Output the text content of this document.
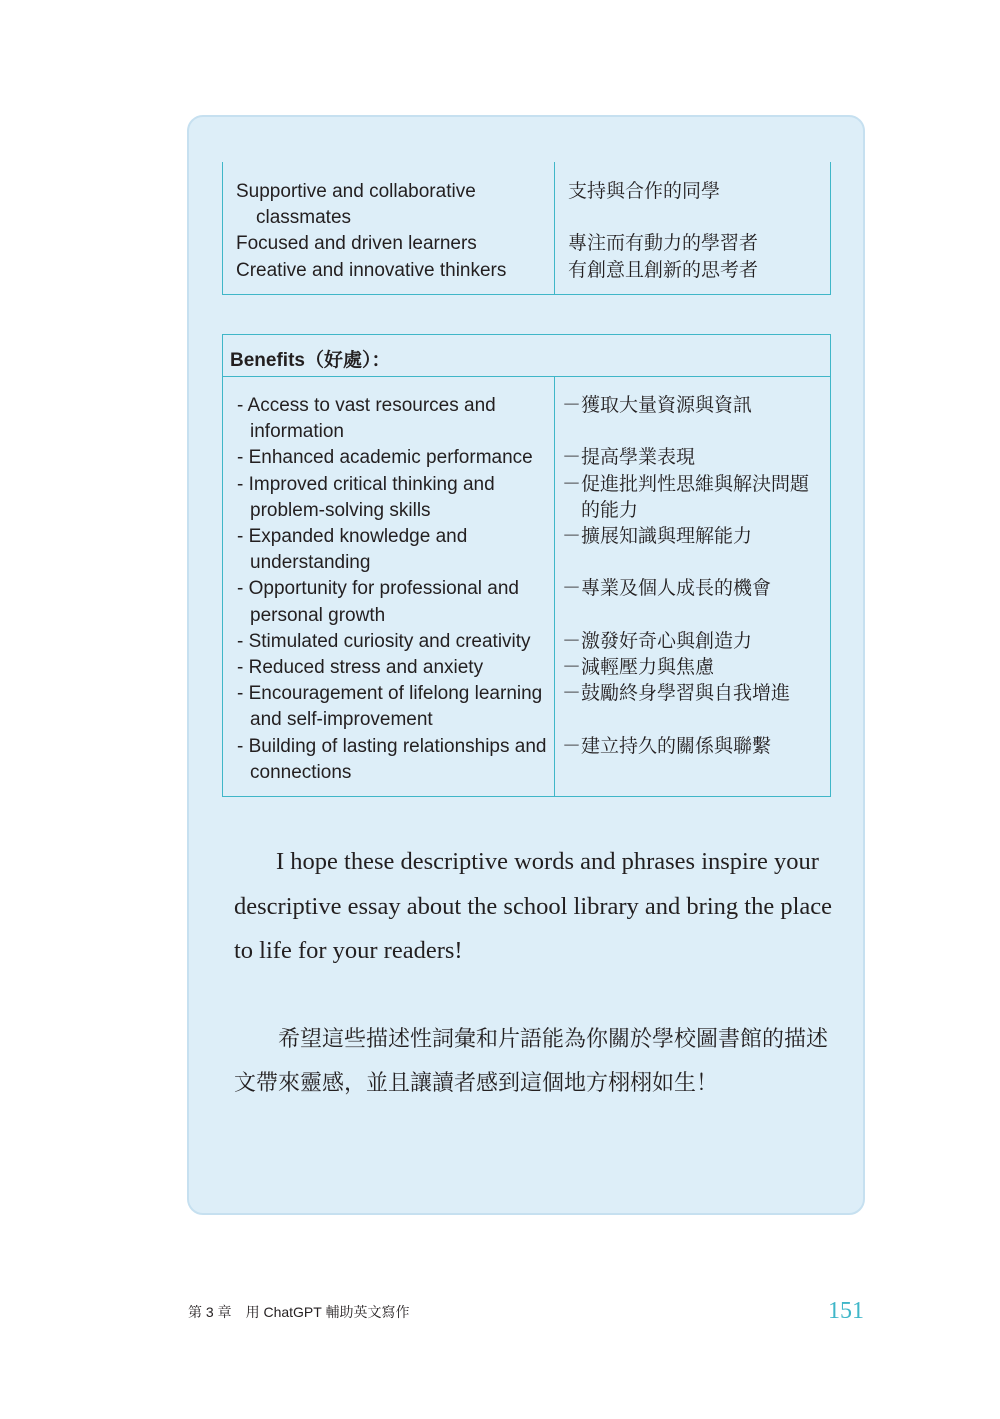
Supportive and collaborative classmates
Focused and driven learners
Creative and innovative thinkers
支持與合作的同學
專注而有動力的學習者
有創意且創新的思考者
Benefits（好處）：
- Access to vast resources and information
- Enhanced academic performance
- Improved critical thinking and problem-solving skills
- Expanded knowledge and understanding
- Opportunity for professional and personal growth
- Stimulated curiosity and creativity
- Reduced stress and anxiety
- Encouragement of lifelong learning and self-improvement
- Building of lasting relationships and connections
－獲取大量資源與資訊
－提高學業表現
－促進批判性思維與解決問題的能力
－擴展知識與理解能力
－專業及個人成長的機會
－激發好奇心與創造力
－減輕壓力與焦慮
－鼓勵終身學習與自我增進
－建立持久的關係與聯繫

I hope these descriptive words and phrases inspire your descriptive essay about the school library and bring the place to life for your readers!

希望這些描述性詞彙和片語能為你關於學校圖書館的描述文帶來靈感，並且讓讀者感到這個地方栩栩如生！

第 3 章　用 ChatGPT 輔助英文寫作	151
